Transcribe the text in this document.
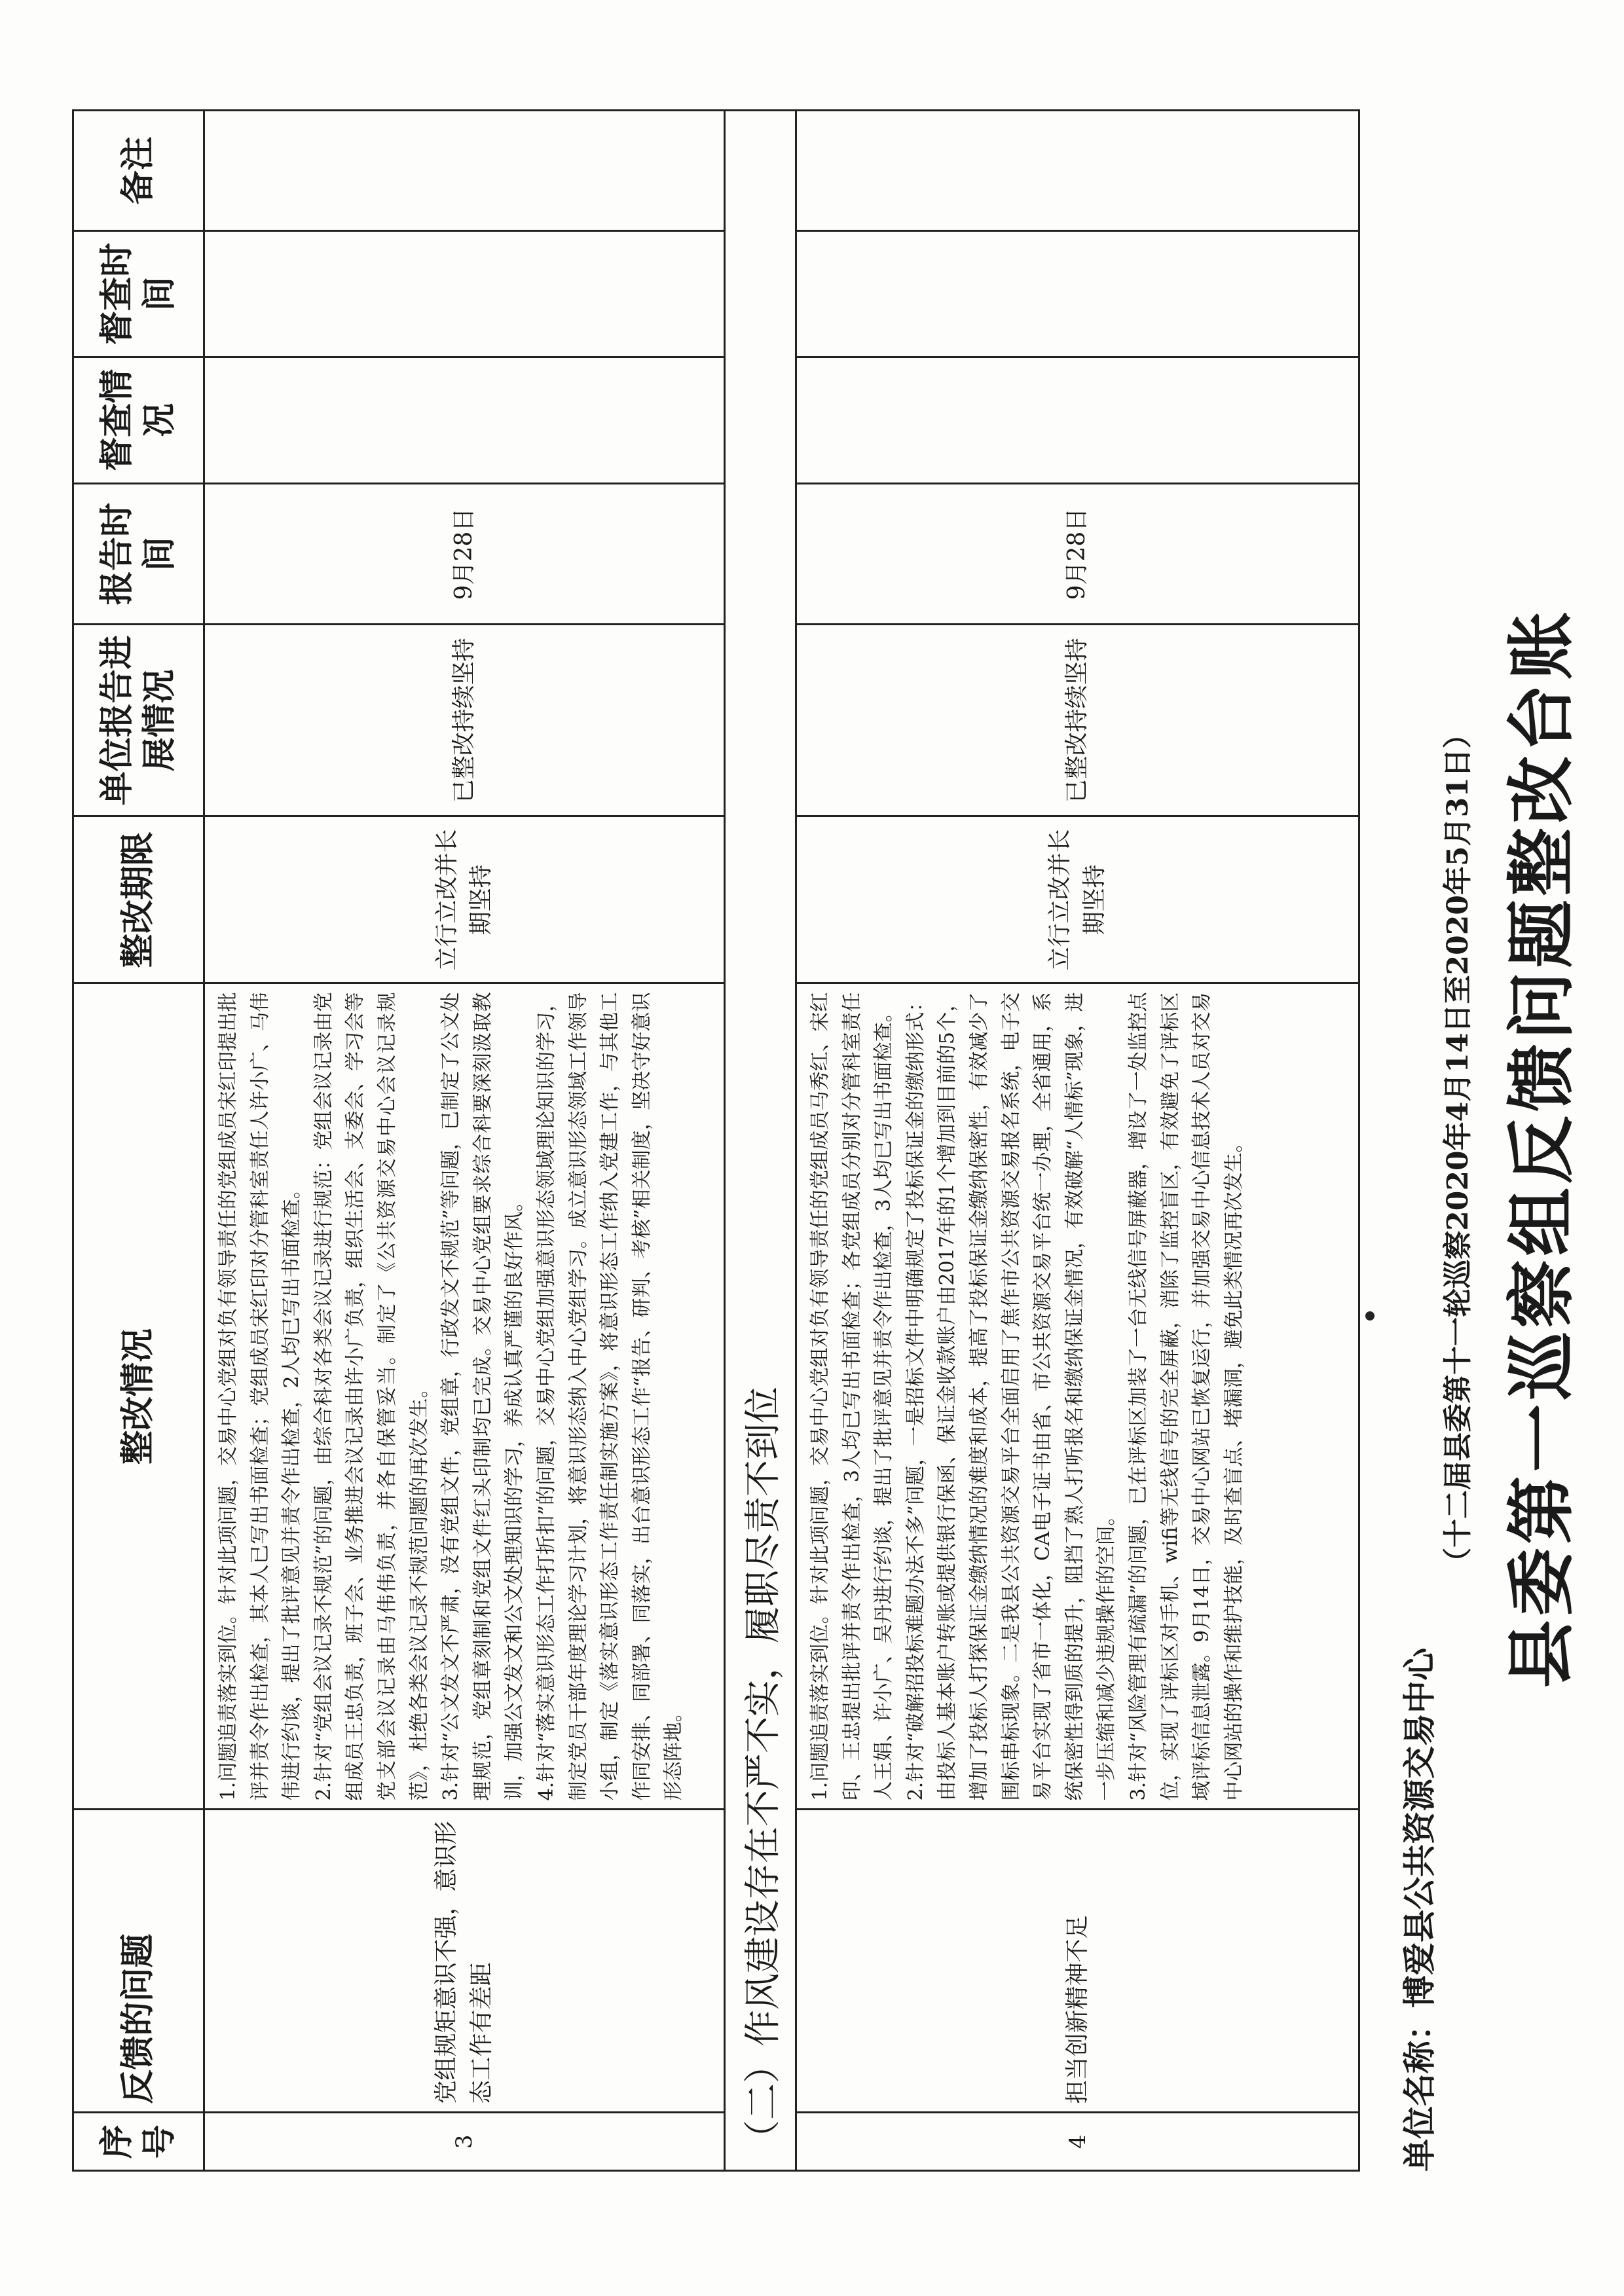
县委第一巡察组反馈问题整改台账
（十二届县委第十一轮巡察2020年4月14日至2020年5月31日）
单位名称：博爱县公共资源交易中心
序号	反馈的问题	整改情况	整改期限	单位报告进展情况	报告时间	督查情况	督查时间	备注
3	党组规矩意识不强，意识形态工作有差距	1.问题追责落实到位。针对此项问题，交易中心党组对负有领导责任的党组成员宋红印提出批评并责令作出检查，其本人已写出书面检查；党组成员宋红印对分管科室责任人许小广、马伟伟进行约谈，提出了批评意见并责令作出检查，2人均已写出书面检查。 2.针对“党组会议记录不规范”的问题，由综合科对各类会议记录进行规范：党组会议记录由党组成员王忠负责，班子会、业务推进会议记录由许小广负责，组织生活会、支委会、学习会等党支部会议记录由马伟伟负责，并各自保管妥当。制定了《公共资源交易中心会议记录规范》，杜绝各类会议记录不规范问题的再次发生。 3.针对“公文发文不严肃，没有党组文件，党组章，行政发文不规范”等问题，已制定了公文处理规范，党组章刻制和党组文件红头印制均已完成。交易中心党组要求综合科要深刻汲取教训，加强公文发文和公文处理知识的学习，养成认真严谨的良好作风。 4.针对“落实意识形态工作打折扣”的问题，交易中心党组加强意识形态领域理论知识的学习，制定党员干部年度理论学习计划，将意识形态纳入中心党组学习。成立意识形态领域工作领导小组，制定《落实意识形态工作责任制实施方案》，将意识形态工作纳入党建工作，与其他工作同安排、同部署、同落实，出台意识形态工作“报告、研判、考核”相关制度，坚决守好意识形态阵地。	立行立改并长期坚持	已整改持续坚持	9月28日			
（二）作风建设存在不严不实，履职尽责不到位								
4	担当创新精神不足	1.问题追责落实到位。针对此项问题，交易中心党组对负有领导责任的党组成员马秀红、宋红印、王忠提出批评并责令作出检查，3人均已写出书面检查；各党组成员分别对分管科室责任人王娟、许小广、吴丹进行约谈，提出了批评意见并责令作出检查，3人均已写出书面检查。 2.针对“破解招投标难题办法不多”问题，一是招标文件中明确规定了投标保证金的缴纳形式：由投标人基本账户转账或提供银行保函、保证金收款账户由2017年的1个增加到目前的5个，增加了投标人打探保证金缴纳情况的难度和成本，提高了投标保证金缴纳保密性，有效减少了围标串标现象。二是我县公共资源交易平台全面启用了焦作市公共资源交易报名系统，电子交易平台实现了省市一体化，CA电子证书由省、市公共资源交易平台统一办理，全省通用，系统保密性得到质的提升，阻挡了熟人打听报名和缴纳保证金情况，有效破解“人情标”现象，进一步压缩和减少违规操作的空间。 3.针对“风险管理有疏漏”的问题，已在评标区加装了一台无线信号屏蔽器，增设了一处监控点位，实现了评标区对手机、wifi等无线信号的完全屏蔽，消除了监控盲区，有效避免了评标区域评标信息泄露。9月14日，交易中心网站已恢复运行，并加强交易中心信息技术人员对交易中心网站的操作和维护技能，及时查盲点、堵漏洞，避免此类情况再次发生。	立行立改并长期坚持	已整改持续坚持	9月28日			
